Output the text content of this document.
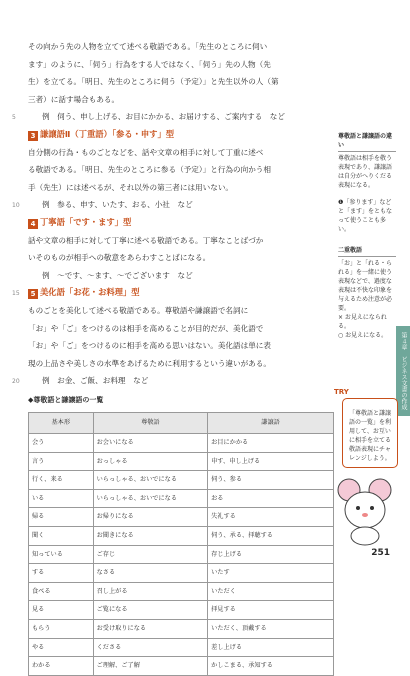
その向かう先の人物を立てて述べる敬語である。「先生のところに伺い

ます」のように、「伺う」行為をする人ではなく、「伺う」先の人物（先

生）を立てる。「明日、先生のところに伺う（予定）」と先生以外の人（第

三者）に話す場合もある。

例　伺う、申し上げる、お目にかかる、お届けする、ご案内する　など

3 謙譲語Ⅱ（丁重語）「参る・申す」型

自分側の行為・ものごとなどを、話や文章の相手に対して丁重に述べ

る敬語である。「明日、先生のところに参る（予定）」と行為の向かう相

手（先生）には述べるが、それ以外の第三者には用いない。

例　参る、申す、いたす、おる、小社　など

4 丁寧語「です・ます」型

話や文章の相手に対して丁寧に述べる敬語である。丁寧なことばづか

いそのものが相手への敬意をあらわすことばになる。

例　～です、～ます、～でございます　など

5 美化語「お花・お料理」型

ものごとを美化して述べる敬語である。尊敬語や謙譲語で名詞に

「お」や「ご」をつけるのは相手を高めることが目的だが、美化語で

「お」や「ご」をつけるのに相手を高める思いはない。美化語は単に表

現の上品さや美しさの水準をあげるために利用するという違いがある。

例　お金、ご飯、お料理　など

◆尊敬語と謙譲語の一覧
基本形	尊敬語	謙譲語
会う	お会いになる	お目にかかる
言う	おっしゃる	申す、申し上げる
行く、来る	いらっしゃる、おいでになる	伺う、参る
いる	いらっしゃる、おいでになる	おる
帰る	お帰りになる	失礼する
聞く	お聞きになる	伺う、承る、拝聴する
知っている	ご存じ	存じ上げる
する	なさる	いたす
食べる	召し上がる	いただく
見る	ご覧になる	拝見する
もらう	お受け取りになる	いただく、頂戴する
やる	くださる	差し上げる
わかる	ご理解、ご了解	かしこまる、承知する
5
10
15
20
尊敬語と謙譲語の違い

尊敬語は相手を敬う表現であり、謙譲語は自分がへりくだる表現になる。

❶「参ります」などと「ます」をともなって使うことも多い。

二重敬語

「お」と「れる・られる」を一緒に使う表現などで、過度な表現は不快な印象を与えるため注意が必要。

× お見えになられる。

○ お見えになる。	第４章　ビジネス文書の作成
TRY
「尊敬語と謙譲語の一覧」を利用して、お互いに相手を立てる敬語表現にチャレンジしよう。
251
